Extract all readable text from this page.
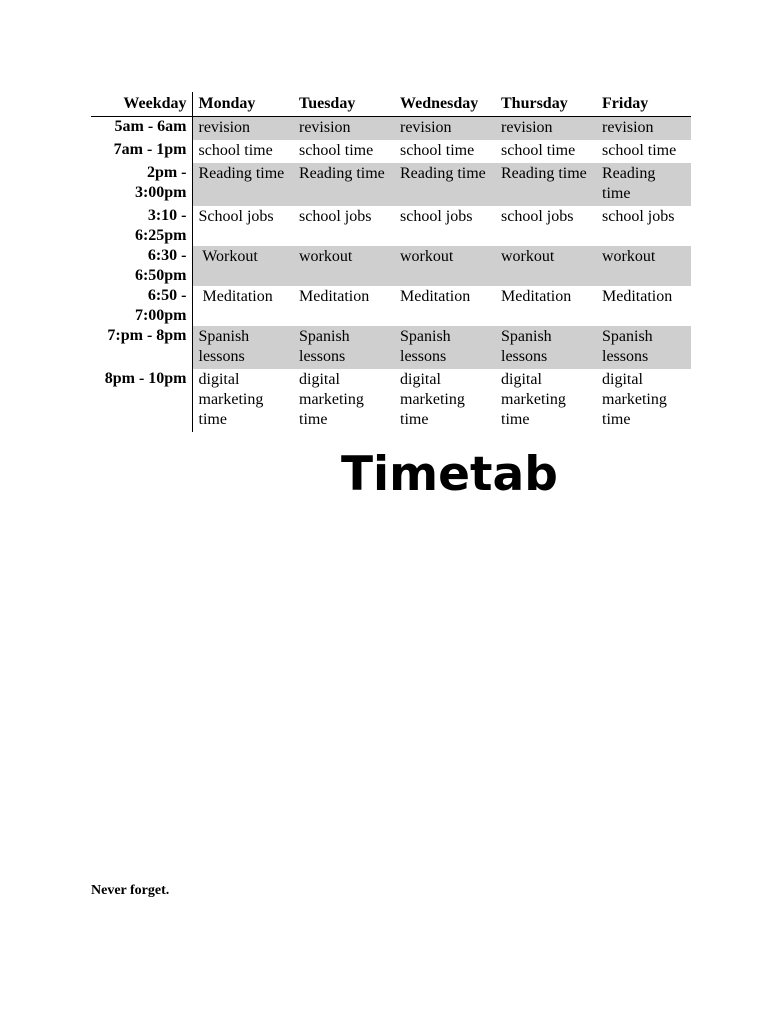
Weekday	Monday	Tuesday	Wednesday	Thursday	Friday
5am - 6am	revision	revision	revision	revision	revision
7am - 1pm	school time	school time	school time	school time	school time
2pm - 3:00pm	Reading time	Reading time	Reading time	Reading time	Reading time
3:10 - 6:25pm	School jobs	school jobs	school jobs	school jobs	school jobs
6:30 - 6:50pm	Workout	workout	workout	workout	workout
6:50 - 7:00pm	Meditation	Meditation	Meditation	Meditation	Meditation
7:pm - 8pm	Spanish lessons	Spanish lessons	Spanish lessons	Spanish lessons	Spanish lessons
8pm - 10pm	digital marketing time	digital marketing time	digital marketing time	digital marketing time	digital marketing time
Timetab
Never forget.
